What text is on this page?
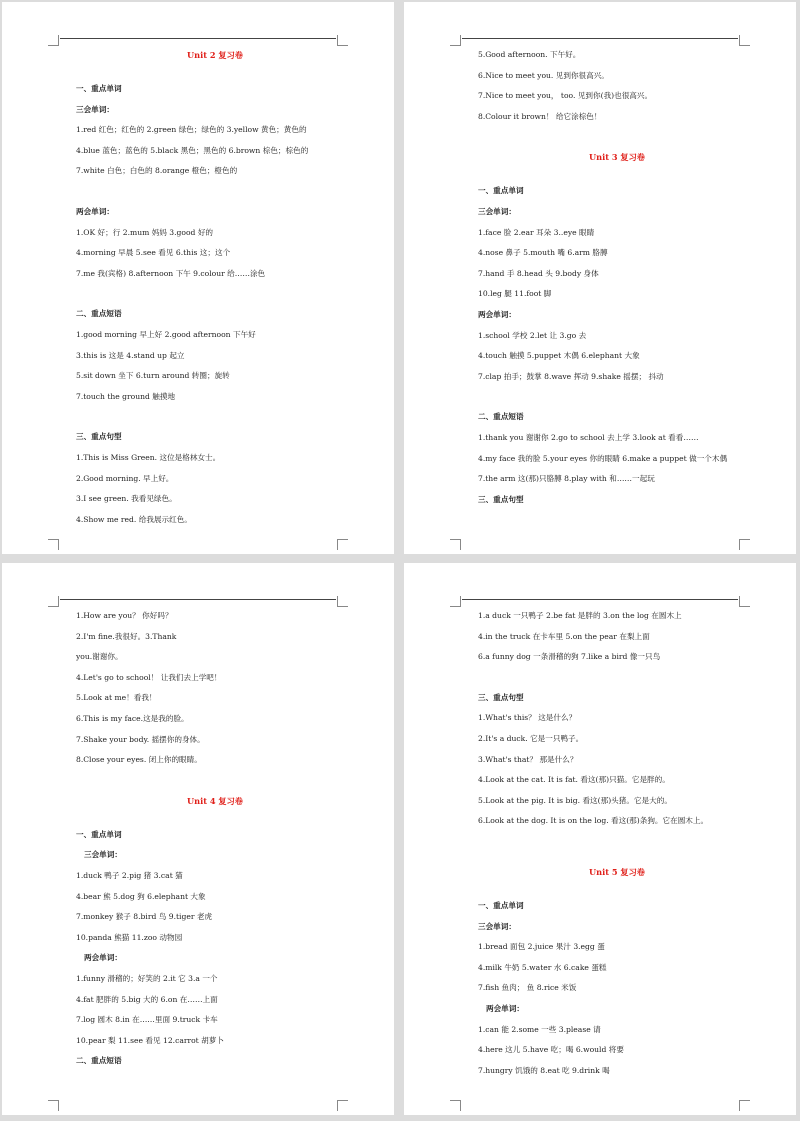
Unit 2 复习卷
一、重点单词
三会单词：
1.red 红色；红色的 2.green 绿色；绿色的 3.yellow 黄色；黄色的
4.blue 蓝色；蓝色的 5.black 黑色；黑色的 6.brown 棕色；棕色的
7.white 白色；白色的 8.orange 橙色；橙色的
两会单词：
1.OK 好；行 2.mum 妈妈 3.good 好的
4.morning 早晨 5.see 看见 6.this 这；这个
7.me 我(宾格) 8.afternoon 下午 9.colour 给……涂色
二、重点短语
1.good morning 早上好 2.good afternoon 下午好
3.this is 这是 4.stand up 起立
5.sit down 坐下 6.turn around 转圈；旋转
7.touch the ground 触摸地
三、重点句型
1.This is Miss Green. 这位是格林女士。
2.Good morning. 早上好。
3.I see green. 我看见绿色。
4.Show me red. 给我展示红色。
5.Good afternoon. 下午好。
6.Nice to meet you. 见到你很高兴。
7.Nice to meet you， too. 见到你(我)也很高兴。
8.Colour it brown！ 给它涂棕色！
Unit 3 复习卷
一、重点单词
三会单词：
1.face 脸 2.ear 耳朵 3..eye 眼睛
4.nose 鼻子 5.mouth 嘴 6.arm 胳膊
7.hand 手 8.head 头 9.body 身体
10.leg 腿 11.foot 脚
两会单词：
1.school 学校 2.let 让 3.go 去
4.touch 触摸 5.puppet 木偶 6.elephant 大象
7.clap 拍手；鼓掌 8.wave 挥动 9.shake 摇摆； 抖动
二、重点短语
1.thank you 谢谢你 2.go to school 去上学 3.look at 看看……
4.my face 我的脸 5.your eyes 你的眼睛 6.make a puppet 做一个木偶
7.the arm 这(那)只胳膊 8.play with 和……一起玩
三、重点句型
1.How are you？ 你好吗？
2.I'm fine.我很好。3.Thank
you.谢谢你。
4.Let's go to school！ 让我们去上学吧！
5.Look at me！看我！
6.This is my face.这是我的脸。
7.Shake your body. 摇摆你的身体。
8.Close your eyes. 闭上你的眼睛。
Unit 4 复习卷
一、重点单词
三会单词：
1.duck 鸭子 2.pig 猪 3.cat 猫
4.bear 熊 5.dog 狗 6.elephant 大象
7.monkey 猴子 8.bird 鸟 9.tiger 老虎
10.panda 熊猫 11.zoo 动物园
两会单词：
1.funny 滑稽的；好笑的 2.it 它 3.a 一个
4.fat 肥胖的 5.big 大的 6.on 在……上面
7.log 圆木 8.in 在……里面 9.truck 卡车
10.pear 梨 11.see 看见 12.carrot 胡萝卜
二、重点短语
1.a duck 一只鸭子 2.be fat 是胖的 3.on the log 在圆木上
4.in the truck 在卡车里 5.on the pear 在梨上面
6.a funny dog 一条滑稽的狗 7.like a bird 像一只鸟
三、重点句型
1.What's this？ 这是什么？
2.It's a duck. 它是一只鸭子。
3.What's that？ 那是什么？
4.Look at the cat. It is fat. 看这(那)只猫。它是胖的。
5.Look at the pig. It is big. 看这(那)头猪。它是大的。
6.Look at the dog. It is on the log. 看这(那)条狗。它在圆木上。
Unit 5 复习卷
一、重点单词
三会单词：
1.bread 面包 2.juice 果汁 3.egg 蛋
4.milk 牛奶 5.water 水 6.cake 蛋糕
7.fish 鱼肉； 鱼 8.rice 米饭
两会单词：
1.can 能 2.some 一些 3.please 请
4.here 这儿 5.have 吃；喝 6.would 将要
7.hungry 饥饿的 8.eat 吃 9.drink 喝
